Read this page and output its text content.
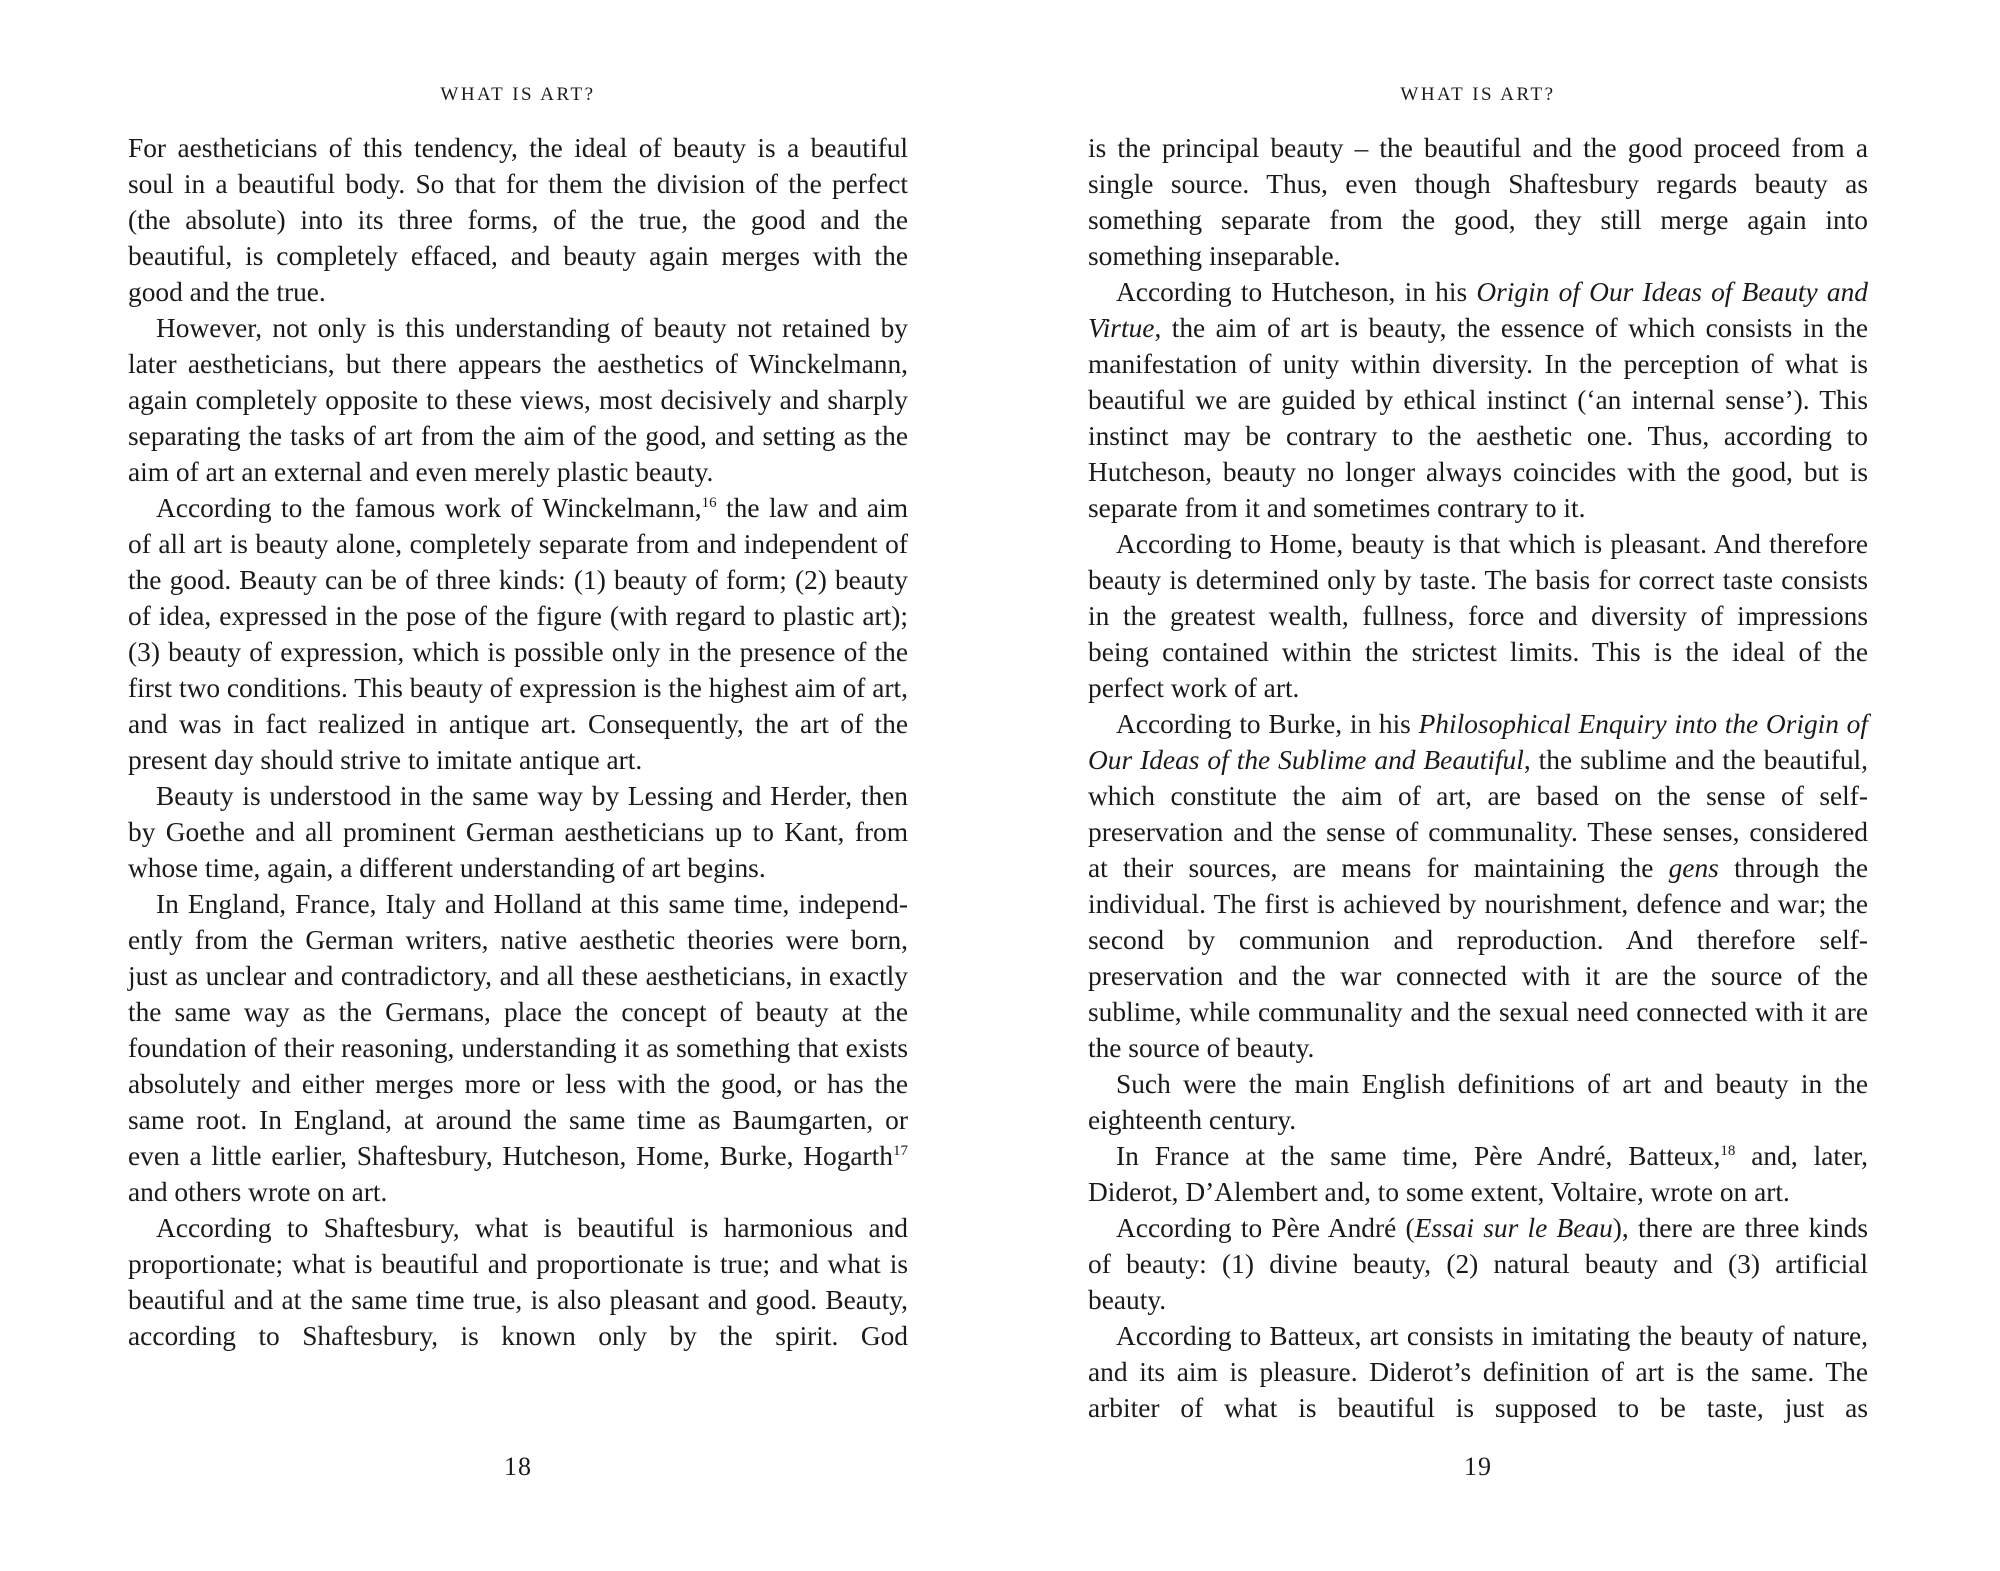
WHAT IS ART?

For aestheticians of this tendency, the ideal of beauty is a beautiful soul in a beautiful body. So that for them the division of the perfect (the absolute) into its three forms, of the true, the good and the beautiful, is completely effaced, and beauty again merges with the good and the true.

However, not only is this understanding of beauty not retained by later aestheticians, but there appears the aesthetics of Winckelmann, again completely opposite to these views, most decisively and sharply separating the tasks of art from the aim of the good, and setting as the aim of art an external and even merely plastic beauty.

According to the famous work of Winckelmann,$^{16}$ the law and aim of all art is beauty alone, completely separate from and independent of the good. Beauty can be of three kinds: (1) beauty of form; (2) beauty of idea, expressed in the pose of the figure (with regard to plastic art); (3) beauty of expression, which is possible only in the presence of the first two conditions. This beauty of expression is the highest aim of art, and was in fact realized in antique art. Consequently, the art of the present day should strive to imitate antique art.

Beauty is understood in the same way by Lessing and Herder, then by Goethe and all prominent German aestheticians up to Kant, from whose time, again, a different understanding of art begins.

In England, France, Italy and Holland at this same time, independently from the German writers, native aesthetic theories were born, just as unclear and contradictory, and all these aestheticians, in exactly the same way as the Germans, place the concept of beauty at the foundation of their reasoning, understanding it as something that exists absolutely and either merges more or less with the good, or has the same root. In England, at around the same time as Baumgarten, or even a little earlier, Shaftesbury, Hutcheson, Home, Burke, Hogarth$^{17}$ and others wrote on art.

According to Shaftesbury, what is beautiful is harmonious and proportionate; what is beautiful and proportionate is true; and what is beautiful and at the same time true, is also pleasant and good. Beauty, according to Shaftesbury, is known only by the spirit. God

18
WHAT IS ART?

is the principal beauty – the beautiful and the good proceed from a single source. Thus, even though Shaftesbury regards beauty as something separate from the good, they still merge again into something inseparable.

According to Hutcheson, in his Origin of Our Ideas of Beauty and Virtue, the aim of art is beauty, the essence of which consists in the manifestation of unity within diversity. In the perception of what is beautiful we are guided by ethical instinct (‘an internal sense’). This instinct may be contrary to the aesthetic one. Thus, according to Hutcheson, beauty no longer always coincides with the good, but is separate from it and sometimes contrary to it.

According to Home, beauty is that which is pleasant. And therefore beauty is determined only by taste. The basis for correct taste consists in the greatest wealth, fullness, force and diversity of impressions being contained within the strictest limits. This is the ideal of the perfect work of art.

According to Burke, in his Philosophical Enquiry into the Origin of Our Ideas of the Sublime and Beautiful, the sublime and the beautiful, which constitute the aim of art, are based on the sense of selfpreservation and the sense of communality. These senses, considered at their sources, are means for maintaining the gens through the individual. The first is achieved by nourishment, defence and war; the second by communion and reproduction. And therefore selfpreservation and the war connected with it are the source of the sublime, while communality and the sexual need connected with it are the source of beauty.

Such were the main English definitions of art and beauty in the eighteenth century.

In France at the same time, Père André, Batteux,$^{18}$ and, later, Diderot, D’Alembert and, to some extent, Voltaire, wrote on art.

According to Père André (Essai sur le Beau), there are three kinds of beauty: (1) divine beauty, (2) natural beauty and (3) artificial beauty.

According to Batteux, art consists in imitating the beauty of nature, and its aim is pleasure. Diderot’s definition of art is the same. The arbiter of what is beautiful is supposed to be taste, just as

19
